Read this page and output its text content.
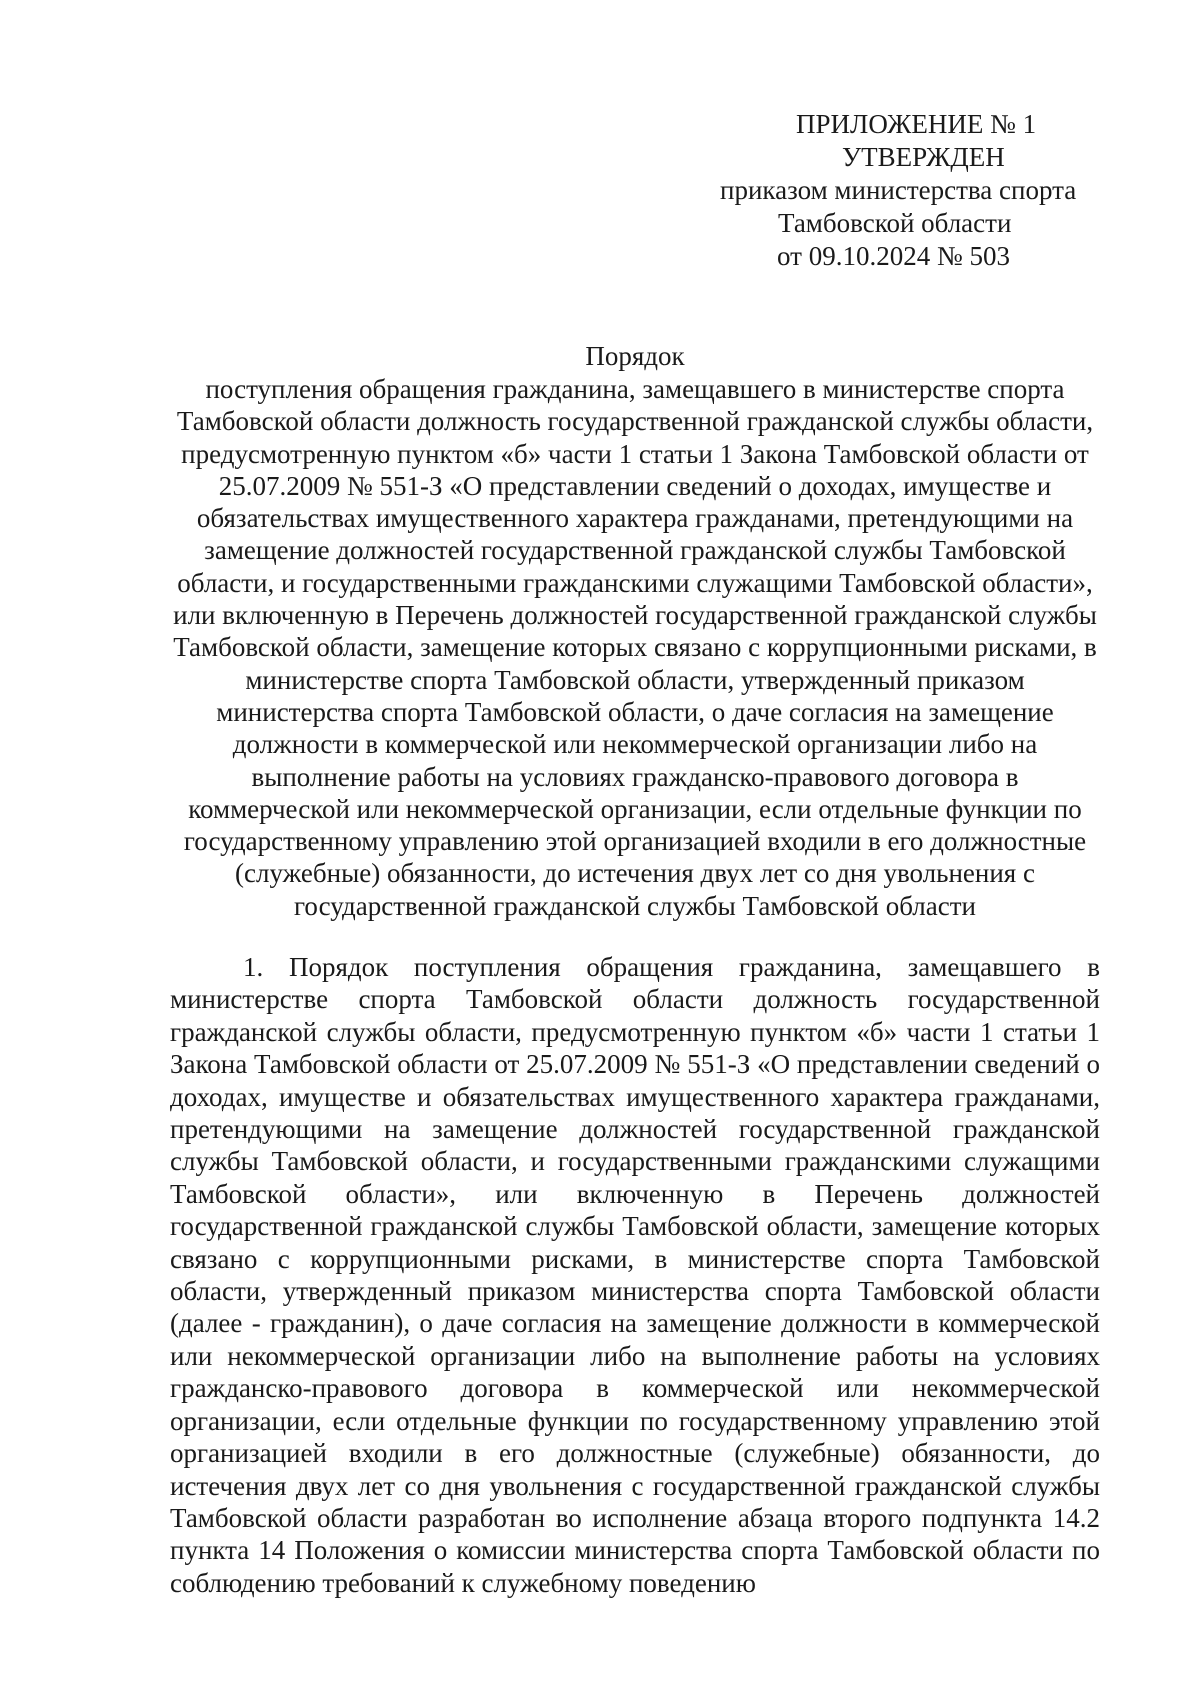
ПРИЛОЖЕНИЕ № 1
УТВЕРЖДЕН
приказом министерства спорта
Тамбовской области
от 09.10.2024 № 503
Порядок
поступления обращения гражданина, замещавшего в министерстве спорта Тамбовской области должность государственной гражданской службы области, предусмотренную пунктом «б» части 1 статьи 1 Закона Тамбовской области от 25.07.2009 № 551-З «О представлении сведений о доходах, имуществе и обязательствах имущественного характера гражданами, претендующими на замещение должностей государственной гражданской службы Тамбовской области, и государственными гражданскими служащими Тамбовской области», или включенную в Перечень должностей государственной гражданской службы Тамбовской области, замещение которых связано с коррупционными рисками, в министерстве спорта Тамбовской области, утвержденный приказом министерства спорта Тамбовской области, о даче согласия на замещение должности в коммерческой или некоммерческой организации либо на выполнение работы на условиях гражданско-правового договора в коммерческой или некоммерческой организации, если отдельные функции по государственному управлению этой организацией входили в его должностные (служебные) обязанности, до истечения двух лет со дня увольнения с государственной гражданской службы Тамбовской области

1. Порядок поступления обращения гражданина, замещавшего в министерстве спорта Тамбовской области должность государственной гражданской службы области, предусмотренную пунктом «б» части 1 статьи 1 Закона Тамбовской области от 25.07.2009 № 551-З «О представлении сведений о доходах, имуществе и обязательствах имущественного характера гражданами, претендующими на замещение должностей государственной гражданской службы Тамбовской области, и государственными гражданскими служащими Тамбовской области», или включенную в Перечень должностей государственной гражданской службы Тамбовской области, замещение которых связано с коррупционными рисками, в министерстве спорта Тамбовской области, утвержденный приказом министерства спорта Тамбовской области (далее - гражданин), о даче согласия на замещение должности в коммерческой или некоммерческой организации либо на выполнение работы на условиях гражданско-правового договора в коммерческой или некоммерческой организации, если отдельные функции по государственному управлению этой организацией входили в его должностные (служебные) обязанности, до истечения двух лет со дня увольнения с государственной гражданской службы Тамбовской области разработан во исполнение абзаца второго подпункта 14.2 пункта 14 Положения о комиссии министерства спорта Тамбовской области по соблюдению требований к служебному поведению
